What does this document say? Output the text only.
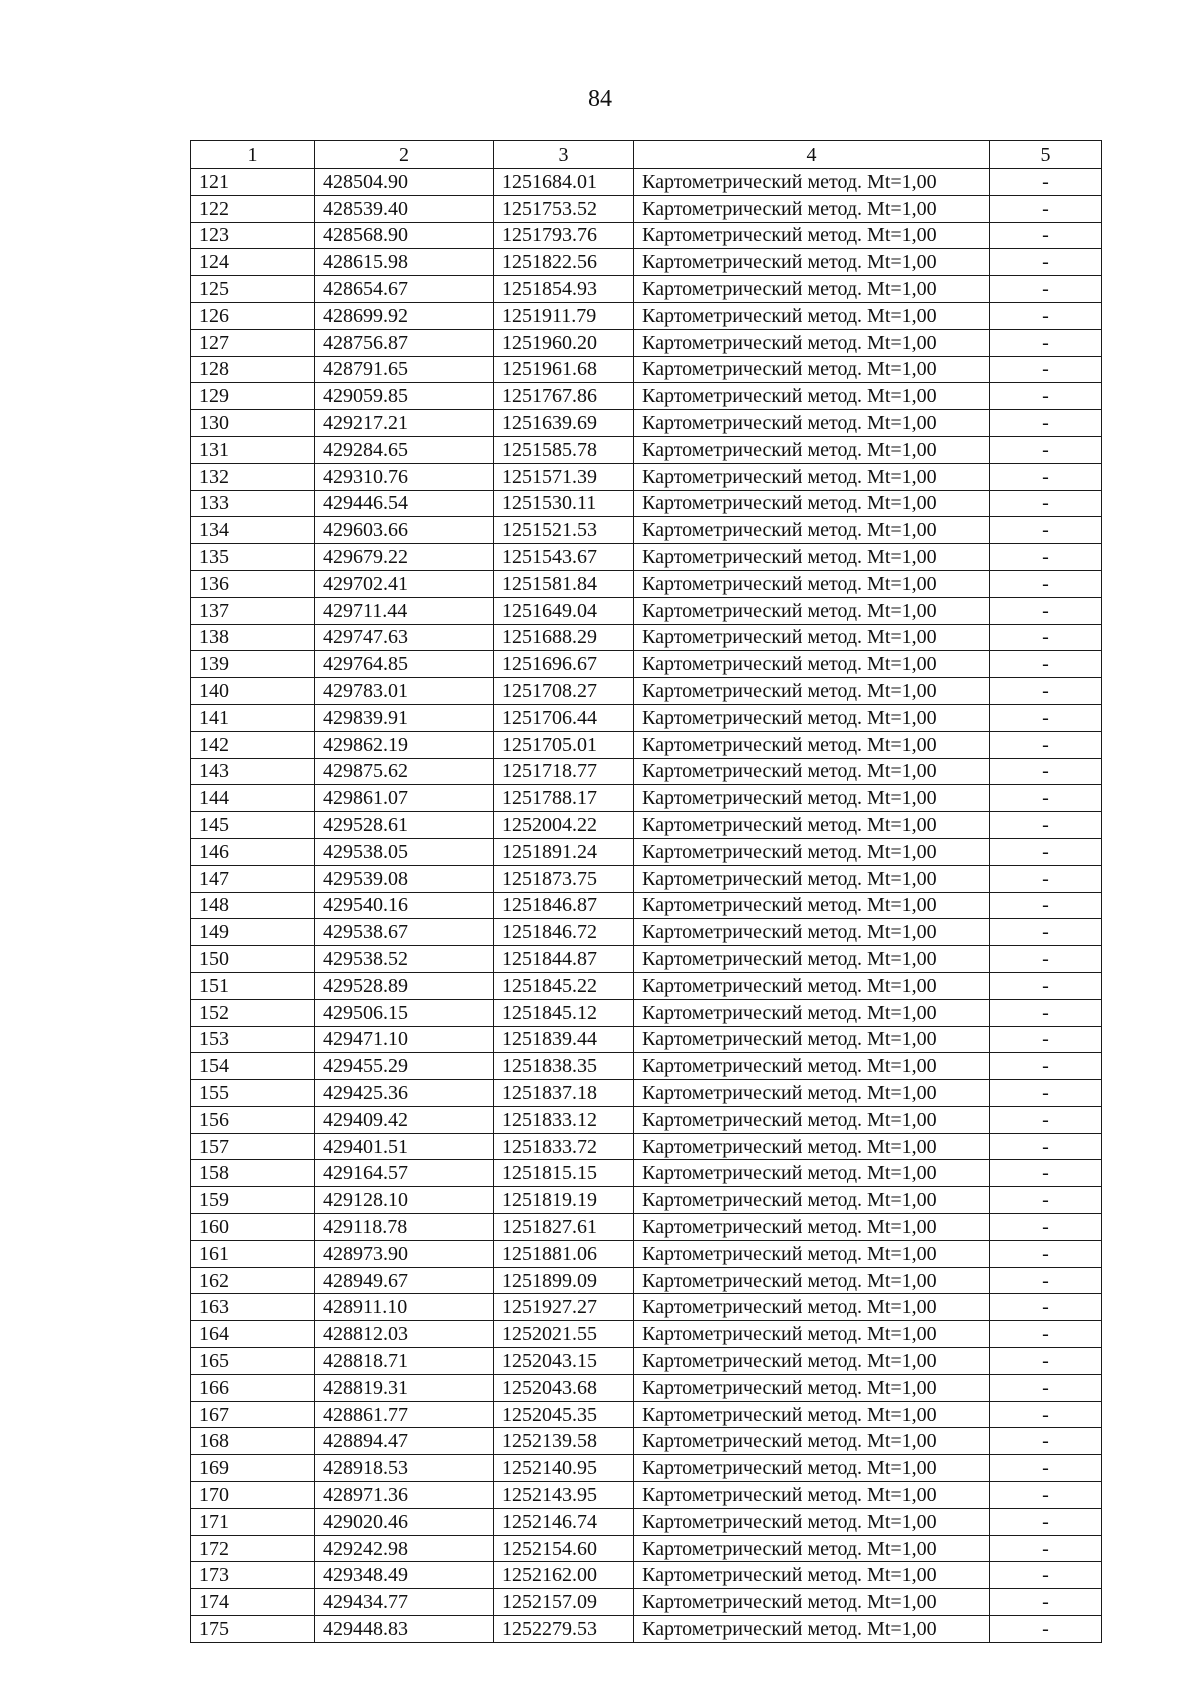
84
1	2	3	4	5
121	428504.90	1251684.01	Картометрический метод. Mt=1,00	-
122	428539.40	1251753.52	Картометрический метод. Mt=1,00	-
123	428568.90	1251793.76	Картометрический метод. Mt=1,00	-
124	428615.98	1251822.56	Картометрический метод. Mt=1,00	-
125	428654.67	1251854.93	Картометрический метод. Mt=1,00	-
126	428699.92	1251911.79	Картометрический метод. Mt=1,00	-
127	428756.87	1251960.20	Картометрический метод. Mt=1,00	-
128	428791.65	1251961.68	Картометрический метод. Mt=1,00	-
129	429059.85	1251767.86	Картометрический метод. Mt=1,00	-
130	429217.21	1251639.69	Картометрический метод. Mt=1,00	-
131	429284.65	1251585.78	Картометрический метод. Mt=1,00	-
132	429310.76	1251571.39	Картометрический метод. Mt=1,00	-
133	429446.54	1251530.11	Картометрический метод. Mt=1,00	-
134	429603.66	1251521.53	Картометрический метод. Mt=1,00	-
135	429679.22	1251543.67	Картометрический метод. Mt=1,00	-
136	429702.41	1251581.84	Картометрический метод. Mt=1,00	-
137	429711.44	1251649.04	Картометрический метод. Mt=1,00	-
138	429747.63	1251688.29	Картометрический метод. Mt=1,00	-
139	429764.85	1251696.67	Картометрический метод. Mt=1,00	-
140	429783.01	1251708.27	Картометрический метод. Mt=1,00	-
141	429839.91	1251706.44	Картометрический метод. Mt=1,00	-
142	429862.19	1251705.01	Картометрический метод. Mt=1,00	-
143	429875.62	1251718.77	Картометрический метод. Mt=1,00	-
144	429861.07	1251788.17	Картометрический метод. Mt=1,00	-
145	429528.61	1252004.22	Картометрический метод. Mt=1,00	-
146	429538.05	1251891.24	Картометрический метод. Mt=1,00	-
147	429539.08	1251873.75	Картометрический метод. Mt=1,00	-
148	429540.16	1251846.87	Картометрический метод. Mt=1,00	-
149	429538.67	1251846.72	Картометрический метод. Mt=1,00	-
150	429538.52	1251844.87	Картометрический метод. Mt=1,00	-
151	429528.89	1251845.22	Картометрический метод. Mt=1,00	-
152	429506.15	1251845.12	Картометрический метод. Mt=1,00	-
153	429471.10	1251839.44	Картометрический метод. Mt=1,00	-
154	429455.29	1251838.35	Картометрический метод. Mt=1,00	-
155	429425.36	1251837.18	Картометрический метод. Mt=1,00	-
156	429409.42	1251833.12	Картометрический метод. Mt=1,00	-
157	429401.51	1251833.72	Картометрический метод. Mt=1,00	-
158	429164.57	1251815.15	Картометрический метод. Mt=1,00	-
159	429128.10	1251819.19	Картометрический метод. Mt=1,00	-
160	429118.78	1251827.61	Картометрический метод. Mt=1,00	-
161	428973.90	1251881.06	Картометрический метод. Mt=1,00	-
162	428949.67	1251899.09	Картометрический метод. Mt=1,00	-
163	428911.10	1251927.27	Картометрический метод. Mt=1,00	-
164	428812.03	1252021.55	Картометрический метод. Mt=1,00	-
165	428818.71	1252043.15	Картометрический метод. Mt=1,00	-
166	428819.31	1252043.68	Картометрический метод. Mt=1,00	-
167	428861.77	1252045.35	Картометрический метод. Mt=1,00	-
168	428894.47	1252139.58	Картометрический метод. Mt=1,00	-
169	428918.53	1252140.95	Картометрический метод. Mt=1,00	-
170	428971.36	1252143.95	Картометрический метод. Mt=1,00	-
171	429020.46	1252146.74	Картометрический метод. Mt=1,00	-
172	429242.98	1252154.60	Картометрический метод. Mt=1,00	-
173	429348.49	1252162.00	Картометрический метод. Mt=1,00	-
174	429434.77	1252157.09	Картометрический метод. Mt=1,00	-
175	429448.83	1252279.53	Картометрический метод. Mt=1,00	-
